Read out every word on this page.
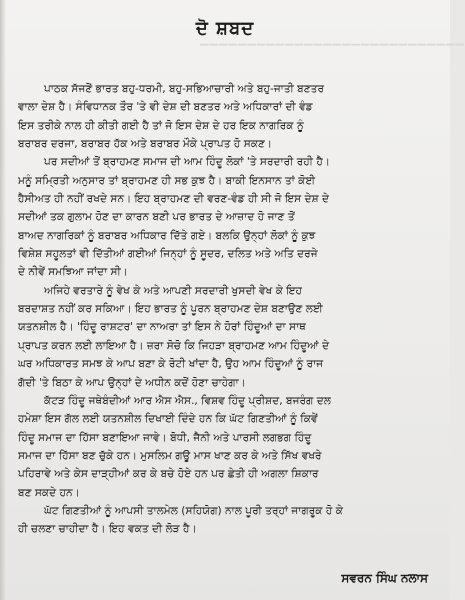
▔▔▔▔▔▔▔▔▔▔▔▔▔▔▔▔▔▔▔▔▔▔▔▔▔▔▔▔
ਦੋ ਸ਼ਬਦ
ਪਾਠਕ ਸੱਜਣੋਂ ਭਾਰਤ ਬਹੁ-ਧਰਮੀ, ਬਹੁ-ਸਭਿਆਚਾਰੀ ਅਤੇ ਬਹੁ-ਜਾਤੀ ਬਣਤਰ
ਵਾਲਾ ਦੇਸ਼ ਹੈ। ਸੰਵਿਧਾਨਕ ਤੌਰ 'ਤੇ ਵੀ ਦੇਸ਼ ਦੀ ਬਣਤਰ ਅਤੇ ਅਧਿਕਾਰਾਂ ਦੀ ਵੰਡ
ਇਸ ਤਰੀਕੇ ਨਾਲ ਹੀ ਕੀਤੀ ਗਈ ਹੈ ਤਾਂ ਜੋ ਇਸ ਦੇਸ਼ ਦੇ ਹਰ ਇਕ ਨਾਗਰਿਕ ਨੂੰ
ਬਰਾਬਰ ਦਰਜਾ, ਬਰਾਬਰ ਹੱਕ ਅਤੇ ਬਰਾਬਰ ਮੌਕੇ ਪ੍ਰਾਪਤ ਹੋ ਸਕਣ।
ਪਰ ਸਦੀਆਂ ਤੋਂ ਬ੍ਰਾਹਮਣ ਸਮਾਜ ਦੀ ਆਮ ਹਿੰਦੂ ਲੋਕਾਂ 'ਤੇ ਸਰਦਾਰੀ ਰਹੀ ਹੈ।
ਮਨੂੰ ਸਮ੍ਰਿਤੀ ਅਨੁਸਾਰ ਤਾਂ ਬ੍ਰਾਹਮਣ ਹੀ ਸਭ ਕੁਝ ਹੈ। ਬਾਕੀ ਇਨਸਾਨ ਤਾਂ ਕੋਈ
ਹੈਸੀਅਤ ਹੀ ਨਹੀਂ ਰਖਦੇ ਸਨ। ਇਹ ਬ੍ਰਾਹਮਣ ਦੀ ਵਰਣ-ਵੰਡ ਹੀ ਸੀ ਜੋ ਇਸ ਦੇਸ਼ ਦੇ
ਸਦੀਆਂ ਤਕ ਗੁਲਾਮ ਹੋਣ ਦਾ ਕਾਰਨ ਬਣੀ ਪਰ ਭਾਰਤ ਦੇ ਆਜ਼ਾਦ ਹੋ ਜਾਣ ਤੋਂ
ਬਾਅਦ ਨਾਗਰਿਕਾਂ ਨੂੰ ਬਰਾਬਰ ਅਧਿਕਾਰ ਦਿੱਤੇ ਗਏ। ਬਲਕਿ ਉਨ੍ਹਾਂ ਲੋਕਾਂ ਨੂੰ ਕੁਝ
ਵਿਸ਼ੇਸ਼ ਸਹੂਲਤਾਂ ਵੀ ਦਿੱਤੀਆਂ ਗਈਆਂ ਜਿਨ੍ਹਾਂ ਨੂੰ ਸੂਦਰ, ਦਲਿਤ ਅਤੇ ਅਤਿ ਦਰਜੇ
ਦੇ ਨੀਵੇਂ ਸਮਝਿਆ ਜਾਂਦਾ ਸੀ।
ਅਜਿਹੇ ਵਰਤਾਰੇ ਨੂੰ ਵੇਖ ਕੇ ਅਤੇ ਆਪਣੀ ਸਰਦਾਰੀ ਖੁਸਦੀ ਵੇਖ ਕੇ ਇਹ
ਬਰਦਾਸ਼ਤ ਨਹੀਂ ਕਰ ਸਕਿਆ। ਇਹ ਭਾਰਤ ਨੂੰ ਪੂਰਨ ਬ੍ਰਾਹਮਣ ਦੇਸ਼ ਬਣਾਉਣ ਲਈ
ਯਤਨਸ਼ੀਲ ਹੈ। 'ਹਿੰਦੂ ਰਾਸ਼ਟਰ' ਦਾ ਨਾਅਰਾ ਤਾਂ ਇਸ ਨੇ ਹੋਰਾਂ ਹਿੰਦੂਆਂ ਦਾ ਸਾਥ
ਪ੍ਰਾਪਤ ਕਰਨ ਲਈ ਲਾਇਆ ਹੈ। ਜ਼ਰਾ ਸੋਚੋ ਕਿ ਜਿਹੜਾ ਬ੍ਰਾਹਮਣ ਆਮ ਹਿੰਦੂਆਂ ਦੇ
ਘਰ ਅਧਿਕਾਰਤ ਸਮਝ ਕੇ ਆਪ ਬਣਾ ਕੇ ਰੋਟੀ ਖਾਂਦਾ ਹੈ, ਉਹ ਆਮ ਹਿੰਦੂਆਂ ਨੂੰ ਰਾਜ
ਗੱਦੀ 'ਤੇ ਬਿਠਾ ਕੇ ਆਪ ਉਨ੍ਹਾਂ ਦੇ ਅਧੀਨ ਕਦੋਂ ਹੋਣਾ ਚਾਹੇਗਾ।
ਕੱਟੜ ਹਿੰਦੂ ਜਥੇਬੰਦੀਆਂ ਆਰ ਐਸ ਐਸ., ਵਿਸ਼ਵ ਹਿੰਦੂ ਪ੍ਰੀਸ਼ਦ, ਬਜਰੰਗ ਦਲ
ਹਮੇਸ਼ਾ ਇਸ ਗੱਲ ਲਈ ਯਤਨਸ਼ੀਲ ਦਿਖਾਈ ਦਿੰਦੇ ਹਨ ਕਿ ਘੱਟ ਗਿਣਤੀਆਂ ਨੂੰ ਕਿਵੇਂ
ਹਿੰਦੂ ਸਮਾਜ ਦਾ ਹਿੱਸਾ ਬਣਾਇਆ ਜਾਵੇ। ਬੋਧੀ, ਜੈਨੀ ਅਤੇ ਪਾਰਸੀ ਲਗਭਗ ਹਿੰਦੂ
ਸਮਾਜ ਦਾ ਹਿੱਸਾ ਬਣ ਚੁੱਕੇ ਹਨ। ਮੁਸਲਿਮ ਗਊ ਮਾਸ ਖਾਣ ਕਰ ਕੇ ਅਤੇ ਸਿੱਖ ਵਖਰੇ
ਪਹਿਰਾਵੇ ਅਤੇ ਕੇਸ ਦਾੜ੍ਹੀਆਂ ਕਰ ਕੇ ਬਚੇ ਹੋਏ ਹਨ ਪਰ ਛੇਤੀ ਹੀ ਅਗਲਾ ਸ਼ਿਕਾਰ
ਬਣ ਸਕਦੇ ਹਨ।
ਘੱਟ ਗਿਣਤੀਆਂ ਨੂੰ ਆਪਸੀ ਤਾਲਮੇਲ (ਸਹਿਯੋਗ) ਨਾਲ ਪੂਰੀ ਤਰ੍ਹਾਂ ਜਾਗਰੂਕ ਹੋ ਕੇ
ਹੀ ਚਲਣਾ ਚਾਹੀਦਾ ਹੈ। ਇਹ ਵਕਤ ਦੀ ਲੋੜ ਹੈ।
ਸਵਰਨ ਸਿੰਘ ਨਲਾਸ
